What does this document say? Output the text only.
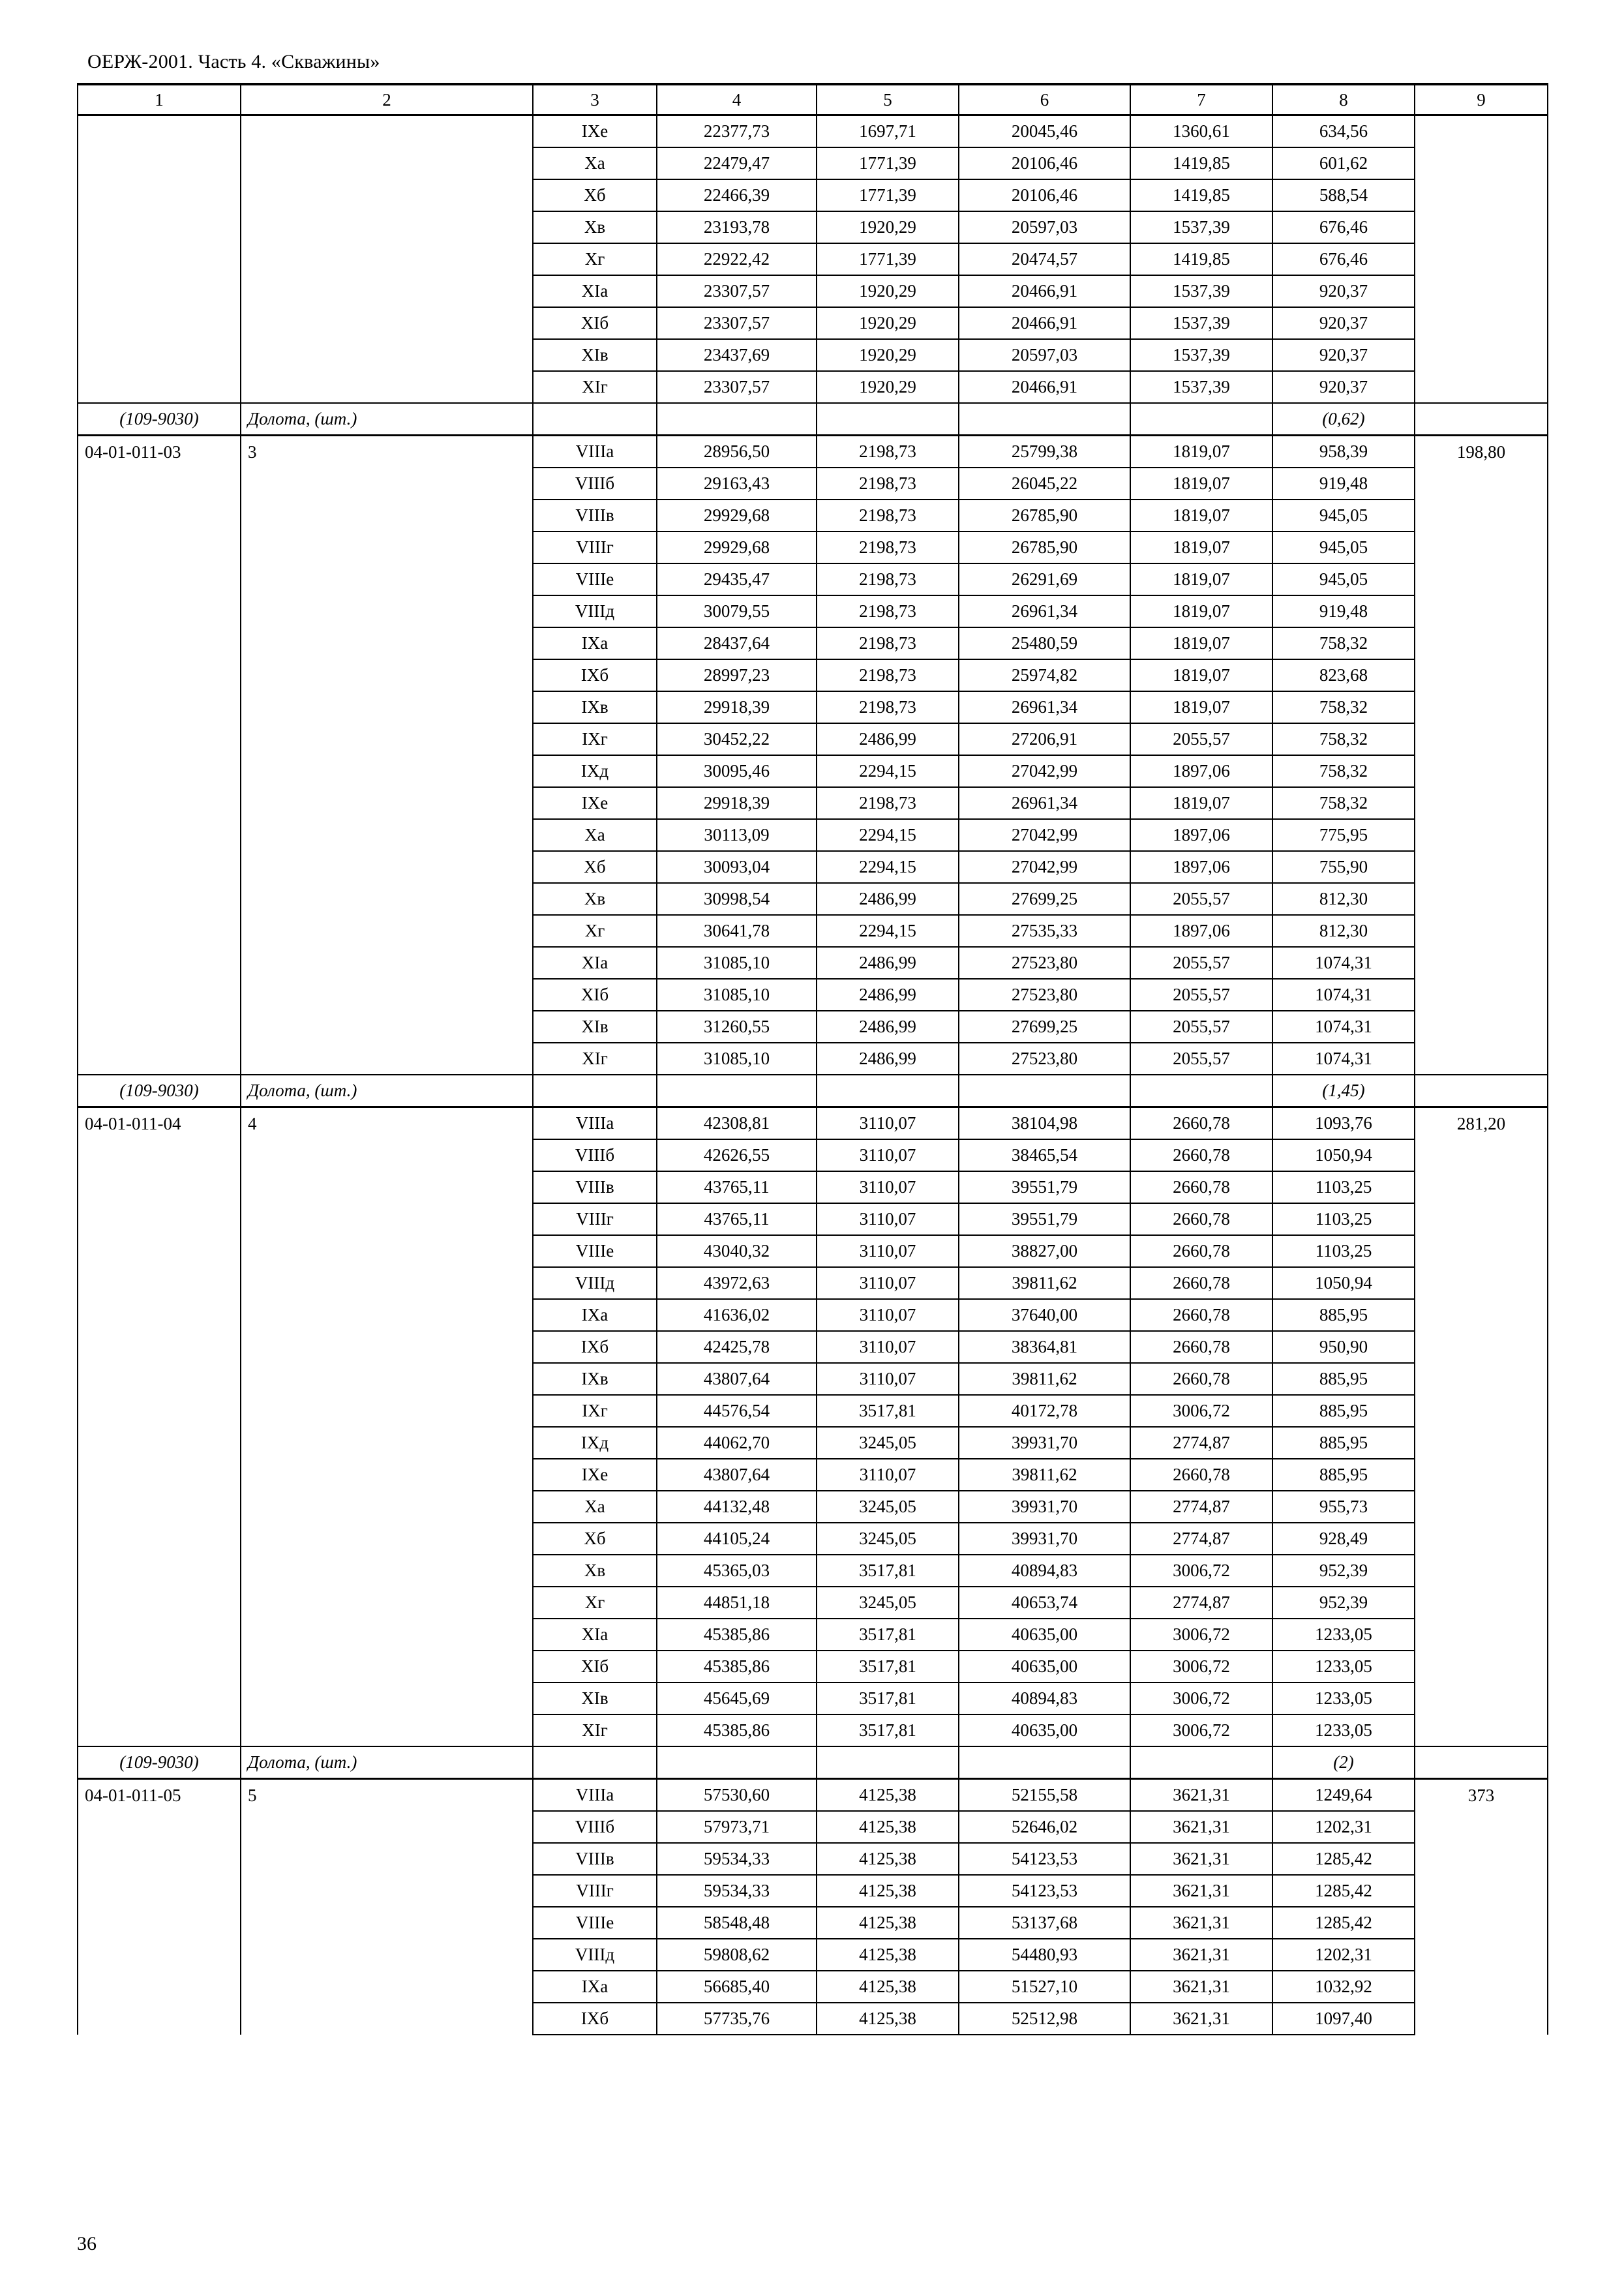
ОЕРЖ-2001. Часть 4. «Скважины»
1	2	3	4	5	6	7	8	9
		IXe	22377,73	1697,71	20045,46	1360,61	634,56	
		Ха	22479,47	1771,39	20106,46	1419,85	601,62	
		Хб	22466,39	1771,39	20106,46	1419,85	588,54	
		Хв	23193,78	1920,29	20597,03	1537,39	676,46	
		Хг	22922,42	1771,39	20474,57	1419,85	676,46	
		XIa	23307,57	1920,29	20466,91	1537,39	920,37	
		XIб	23307,57	1920,29	20466,91	1537,39	920,37	
		XIв	23437,69	1920,29	20597,03	1537,39	920,37	
		XIг	23307,57	1920,29	20466,91	1537,39	920,37	
(109-9030)	Долота, (шт.)						(0,62)	
04-01-011-03	3	VIIIa	28956,50	2198,73	25799,38	1819,07	958,39	198,80
		VIIIб	29163,43	2198,73	26045,22	1819,07	919,48	
		VIIIв	29929,68	2198,73	26785,90	1819,07	945,05	
		VIIIг	29929,68	2198,73	26785,90	1819,07	945,05	
		VIIIe	29435,47	2198,73	26291,69	1819,07	945,05	
		VIIIд	30079,55	2198,73	26961,34	1819,07	919,48	
		IXa	28437,64	2198,73	25480,59	1819,07	758,32	
		IXб	28997,23	2198,73	25974,82	1819,07	823,68	
		IXв	29918,39	2198,73	26961,34	1819,07	758,32	
		IXг	30452,22	2486,99	27206,91	2055,57	758,32	
		IXд	30095,46	2294,15	27042,99	1897,06	758,32	
		IXe	29918,39	2198,73	26961,34	1819,07	758,32	
		Ха	30113,09	2294,15	27042,99	1897,06	775,95	
		Хб	30093,04	2294,15	27042,99	1897,06	755,90	
		Хв	30998,54	2486,99	27699,25	2055,57	812,30	
		Хг	30641,78	2294,15	27535,33	1897,06	812,30	
		XIa	31085,10	2486,99	27523,80	2055,57	1074,31	
		XIб	31085,10	2486,99	27523,80	2055,57	1074,31	
		XIв	31260,55	2486,99	27699,25	2055,57	1074,31	
		XIг	31085,10	2486,99	27523,80	2055,57	1074,31	
(109-9030)	Долота, (шт.)						(1,45)	
04-01-011-04	4	VIIIa	42308,81	3110,07	38104,98	2660,78	1093,76	281,20
		VIIIб	42626,55	3110,07	38465,54	2660,78	1050,94	
		VIIIв	43765,11	3110,07	39551,79	2660,78	1103,25	
		VIIIг	43765,11	3110,07	39551,79	2660,78	1103,25	
		VIIIe	43040,32	3110,07	38827,00	2660,78	1103,25	
		VIIIд	43972,63	3110,07	39811,62	2660,78	1050,94	
		IXa	41636,02	3110,07	37640,00	2660,78	885,95	
		IXб	42425,78	3110,07	38364,81	2660,78	950,90	
		IXв	43807,64	3110,07	39811,62	2660,78	885,95	
		IXг	44576,54	3517,81	40172,78	3006,72	885,95	
		IXд	44062,70	3245,05	39931,70	2774,87	885,95	
		IXe	43807,64	3110,07	39811,62	2660,78	885,95	
		Ха	44132,48	3245,05	39931,70	2774,87	955,73	
		Хб	44105,24	3245,05	39931,70	2774,87	928,49	
		Хв	45365,03	3517,81	40894,83	3006,72	952,39	
		Хг	44851,18	3245,05	40653,74	2774,87	952,39	
		XIa	45385,86	3517,81	40635,00	3006,72	1233,05	
		XIб	45385,86	3517,81	40635,00	3006,72	1233,05	
		XIв	45645,69	3517,81	40894,83	3006,72	1233,05	
		XIг	45385,86	3517,81	40635,00	3006,72	1233,05	
(109-9030)	Долота, (шт.)						(2)	
04-01-011-05	5	VIIIa	57530,60	4125,38	52155,58	3621,31	1249,64	373
		VIIIб	57973,71	4125,38	52646,02	3621,31	1202,31	
		VIIIв	59534,33	4125,38	54123,53	3621,31	1285,42	
		VIIIг	59534,33	4125,38	54123,53	3621,31	1285,42	
		VIIIe	58548,48	4125,38	53137,68	3621,31	1285,42	
		VIIIд	59808,62	4125,38	54480,93	3621,31	1202,31	
		IXa	56685,40	4125,38	51527,10	3621,31	1032,92	
		IXб	57735,76	4125,38	52512,98	3621,31	1097,40	
36
